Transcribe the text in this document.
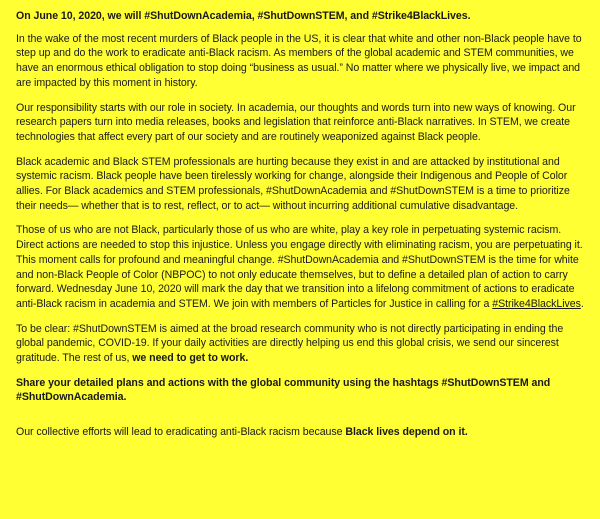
On June 10, 2020, we will #ShutDownAcademia, #ShutDownSTEM, and #Strike4BlackLives.

In the wake of the most recent murders of Black people in the US, it is clear that white and other non-Black people have to step up and do the work to eradicate anti-Black racism. As members of the global academic and STEM communities, we have an enormous ethical obligation to stop doing “business as usual.” No matter where we physically live, we impact and are impacted by this moment in history.

Our responsibility starts with our role in society. In academia, our thoughts and words turn into new ways of knowing. Our research papers turn into media releases, books and legislation that reinforce anti-Black narratives. In STEM, we create technologies that affect every part of our society and are routinely weaponized against Black people.

Black academic and Black STEM professionals are hurting because they exist in and are attacked by institutional and systemic racism. Black people have been tirelessly working for change, alongside their Indigenous and People of Color allies. For Black academics and STEM professionals, #ShutDownAcademia and #ShutDownSTEM is a time to prioritize their needs— whether that is to rest, reflect, or to act— without incurring additional cumulative disadvantage.

Those of us who are not Black, particularly those of us who are white, play a key role in perpetuating systemic racism. Direct actions are needed to stop this injustice. Unless you engage directly with eliminating racism, you are perpetuating it. This moment calls for profound and meaningful change. #ShutDownAcademia and #ShutDownSTEM is the time for white and non-Black People of Color (NBPOC) to not only educate themselves, but to define a detailed plan of action to carry forward. Wednesday June 10, 2020 will mark the day that we transition into a lifelong commitment of actions to eradicate anti-Black racism in academia and STEM. We join with members of Particles for Justice in calling for a #Strike4BlackLives.

To be clear: #ShutDownSTEM is aimed at the broad research community who is not directly participating in ending the global pandemic, COVID-19. If your daily activities are directly helping us end this global crisis, we send our sincerest gratitude. The rest of us, we need to get to work.

Share your detailed plans and actions with the global community using the hashtags #ShutDownSTEM and #ShutDownAcademia.

Our collective efforts will lead to eradicating anti-Black racism because Black lives depend on it.
